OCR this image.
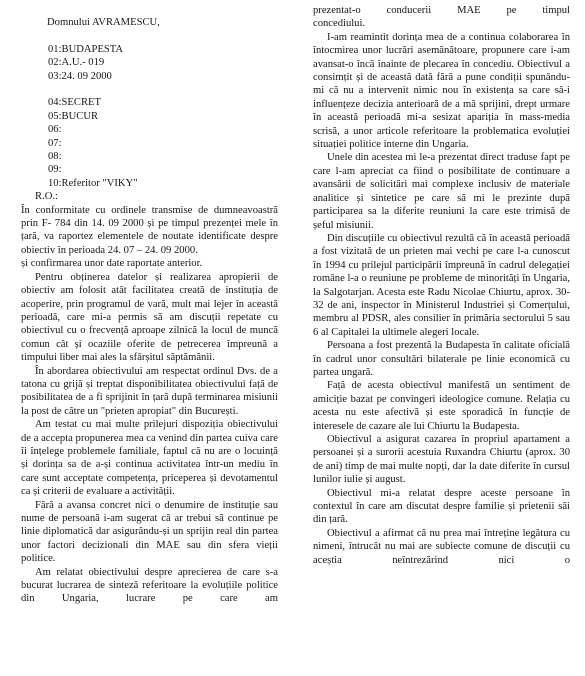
Domnului AVRAMESCU,
01:BUDAPESTA
02:A.U.- 019
03:24. 09 2000
04:SECRET
05:BUCUR
06:
07:
08:
09:
10:Referitor "VIKY"
R.O.:

În conformitate cu ordinele transmise de dumneavoastră prin F- 784 din 14. 09 2000 și pe timpul prezenței mele în țară, va raportez elementele de noutate identificate despre obiectiv în perioada 24. 07 – 24. 09 2000.

și confirmarea unor date raportate anterior.

Pentru obținerea datelor și realizarea apropierii de obiectiv am folosit atât facilitatea creată de instituția de acoperire, prin programul de vară, mult mai lejer în această perioadă, care mi-a permis să am discuții repetate cu obiectivul cu o frecvență aproape zilnică la locul de muncă comun cât și ocaziile oferite de petrecerea împreună a timpului liber mai ales la sfârșitul săptămânii.

În abordarea obiectivului am respectat ordinul Dvs. de a tatona cu grijă și treptat disponibilitatea obiectivului față de posibilitatea de a fi sprijinit în țară după terminarea misiunii la post de către un "prieten apropiat" din București.

Am testat cu mai multe prilejuri dispoziția obiectivului de a accepta propunerea mea ca venind din partea cuiva care îi înțelege problemele familiale, faptul că nu are o locuință și dorința sa de a-și continua activitatea într-un mediu în care sunt acceptate competența, priceperea și devotamentul ca și criterii de evaluare a activității.

Fără a avansa concret nici o denumire de instituție sau nume de persoană i-am sugerat că ar trebui să continue pe linie diplomatică dar asigurându-și un sprijin real din partea unor factori decizionali din MAE sau din sfera vieții politice.

Am relatat obiectivului despre aprecierea de care s-a bucurat lucrarea de sinteză referitoare la evoluțiile politice din Ungaria, lucrare pe care am

prezentat-o conducerii MAE pe timpul

concediului.

I-am reamintit dorința mea de a continua colaborarea în întocmirea unor lucrări asemănătoare, propunere care i-am avansat-o încă înainte de plecarea în concediu. Obiectivul a consimțit și de această dată fără a pune condiții spunându-mi că nu a intervenit nimic nou în existența sa care să-i influențeze decizia anterioară de a mă sprijini, drept urmare în această perioadă mi-a sesizat apariția în mass-media scrisă, a unor articole referitoare la problematica evoluției situației politice interne din Ungaria.

Unele din acestea mi le-a prezentat direct traduse fapt pe care l-am apreciat ca fiind o posibilitate de continuare a avansării de solicitări mai complexe inclusiv de materiale analitice și sintetice pe care să mi le prezinte după participarea sa la diferite reuniuni la care este trimisă de șeful misiunii.

Din discuțiile cu obiectivul rezultă că în această perioadă a fost vizitată de un prieten mai vechi pe care l-a cunoscut în 1994 cu prilejul participării împreună în cadrul delegației române l-a o reuniune pe probleme de minorități în Ungaria, la Salgotarjan. Acesta este Radu Nicolae Chiurtu, aprox. 30-32 de ani, inspector în Ministerul Industriei și Comerțului, membru al PDSR, ales consilier în primăria sectorului 5 sau 6 al Capitalei la ultimele alegeri locale.

Persoana a fost prezentă la Budapesta în calitate oficială în cadrul unor consultări bilaterale pe linie economică cu partea ungară.

Față de acesta obiectivul manifestă un sentiment de amiciție bazat pe convingeri ideologice comune. Relația cu acesta nu este afectivă și este sporadică în funcție de interesele de cazare ale lui Chiurtu la Budapesta.

Obiectivul a asigurat cazarea în propriul apartament a persoanei și a surorii acestuia Ruxandra Chiurtu (aprox. 30 de ani) timp de mai multe nopți, dar la date diferite în cursul lunilor iulie și august.

Obiectivul mi-a relatat despre aceste persoane în contextul în care am discutat despre familie și prietenii săi din țară.

Obiectivul a afirmat că nu prea mai întreține legătura cu nimeni, întrucât nu mai are subiecte comune de discuții cu aceștia neîntrezărind nici o
